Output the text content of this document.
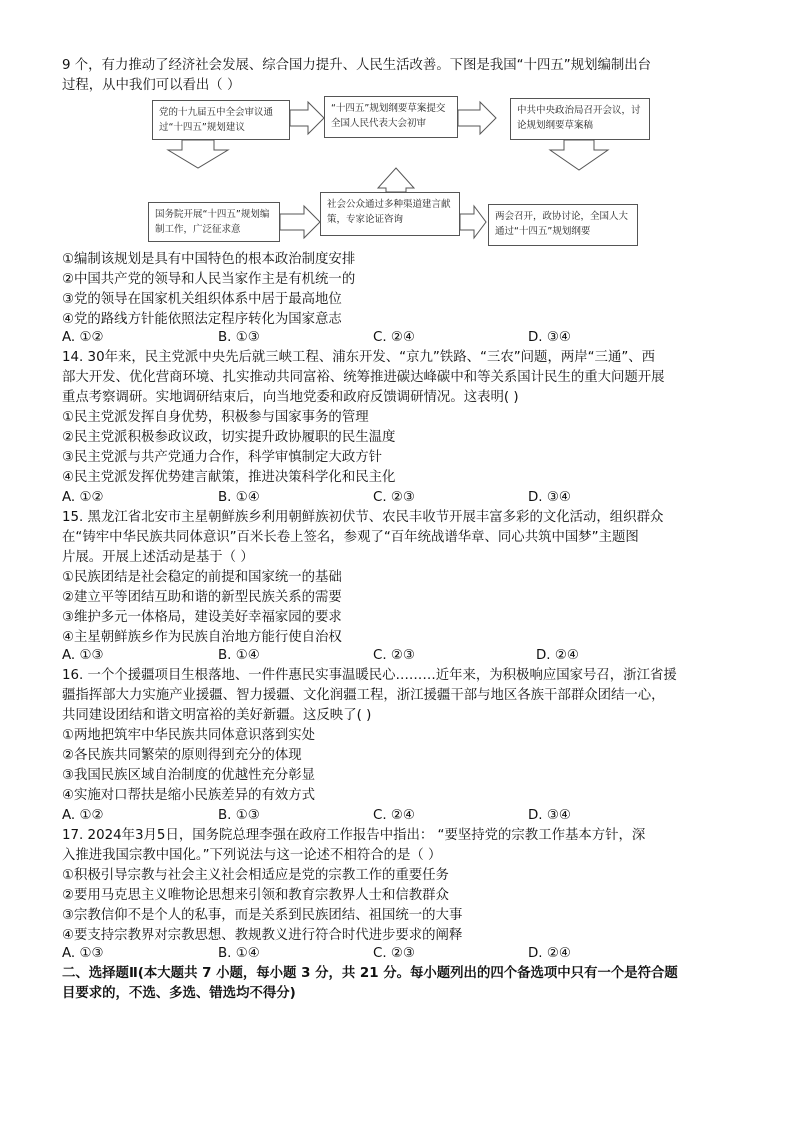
9 个，有力推动了经济社会发展、综合国力提升、人民生活改善。下图是我国“十四五”规划编制出台
过程，从中我们可以看出（ ）
党的十九届五中全会审议通过“十四五”规划建议
“十四五”规划纲要草案提交全国人民代表大会初审
中共中央政治局召开会议，讨论规划纲要草案稿
国务院开展“十四五”规划编制工作，广泛征求意
社会公众通过多种渠道建言献策，专家论证咨询	两会召开，政协讨论，全国人大通过“十四五”规划纲要
①编制该规划是具有中国特色的根本政治制度安排
②中国共产党的领导和人民当家作主是有机统一的
③党的领导在国家机关组织体系中居于最高地位
④党的路线方针能依照法定程序转化为国家意志
A. ①②	B. ①③	C. ②④	D. ③④
14. 30年来，民主党派中央先后就三峡工程、浦东开发、“京九”铁路、“三农”问题，两岸“三通”、西
部大开发、优化营商环境、扎实推动共同富裕、统筹推进碳达峰碳中和等关系国计民生的重大问题开展
重点考察调研。实地调研结束后，向当地党委和政府反馈调研情况。这表明( )
①民主党派发挥自身优势，积极参与国家事务的管理
②民主党派积极参政议政，切实提升政协履职的民生温度
③民主党派与共产党通力合作，科学审慎制定大政方针
④民主党派发挥优势建言献策，推进决策科学化和民主化
A. ①②	B. ①④	C. ②③	D. ③④
15. 黑龙江省北安市主星朝鲜族乡利用朝鲜族初伏节、农民丰收节开展丰富多彩的文化活动，组织群众
在“铸牢中华民族共同体意识”百米长卷上签名，参观了“百年统战谱华章、同心共筑中国梦”主题图
片展。开展上述活动是基于（ ）
①民族团结是社会稳定的前提和国家统一的基础
②建立平等团结互助和谐的新型民族关系的需要
③维护多元一体格局，建设美好幸福家园的要求
④主星朝鲜族乡作为民族自治地方能行使自治权
A. ①③	B. ①④	C. ②③	D. ②④
16. 一个个援疆项目生根落地、一件件惠民实事温暖民心………近年来，为积极响应国家号召，浙江省援
疆指挥部大力实施产业援疆、智力援疆、文化润疆工程，浙江援疆干部与地区各族干部群众团结一心，
共同建设团结和谐文明富裕的美好新疆。这反映了( )
①两地把筑牢中华民族共同体意识落到实处
②各民族共同繁荣的原则得到充分的体现
③我国民族区域自治制度的优越性充分彰显
④实施对口帮扶是缩小民族差异的有效方式
A. ①②	B. ①③	C. ②④	D. ③④
17. 2024年3月5日，国务院总理李强在政府工作报告中指出： “要坚持党的宗教工作基本方针，深
入推进我国宗教中国化。”下列说法与这一论述不相符合的是（ ）
①积极引导宗教与社会主义社会相适应是党的宗教工作的重要任务
②要用马克思主义唯物论思想来引领和教育宗教界人士和信教群众
③宗教信仰不是个人的私事，而是关系到民族团结、祖国统一的大事
④要支持宗教界对宗教思想、教规教义进行符合时代进步要求的阐释
A. ①③	B. ①④	C. ②③	D. ②④
二、选择题Ⅱ(本大题共 7 小题，每小题 3 分，共 21 分。每小题列出的四个备选项中只有一个是符合题
目要求的，不选、多选、错选均不得分)
